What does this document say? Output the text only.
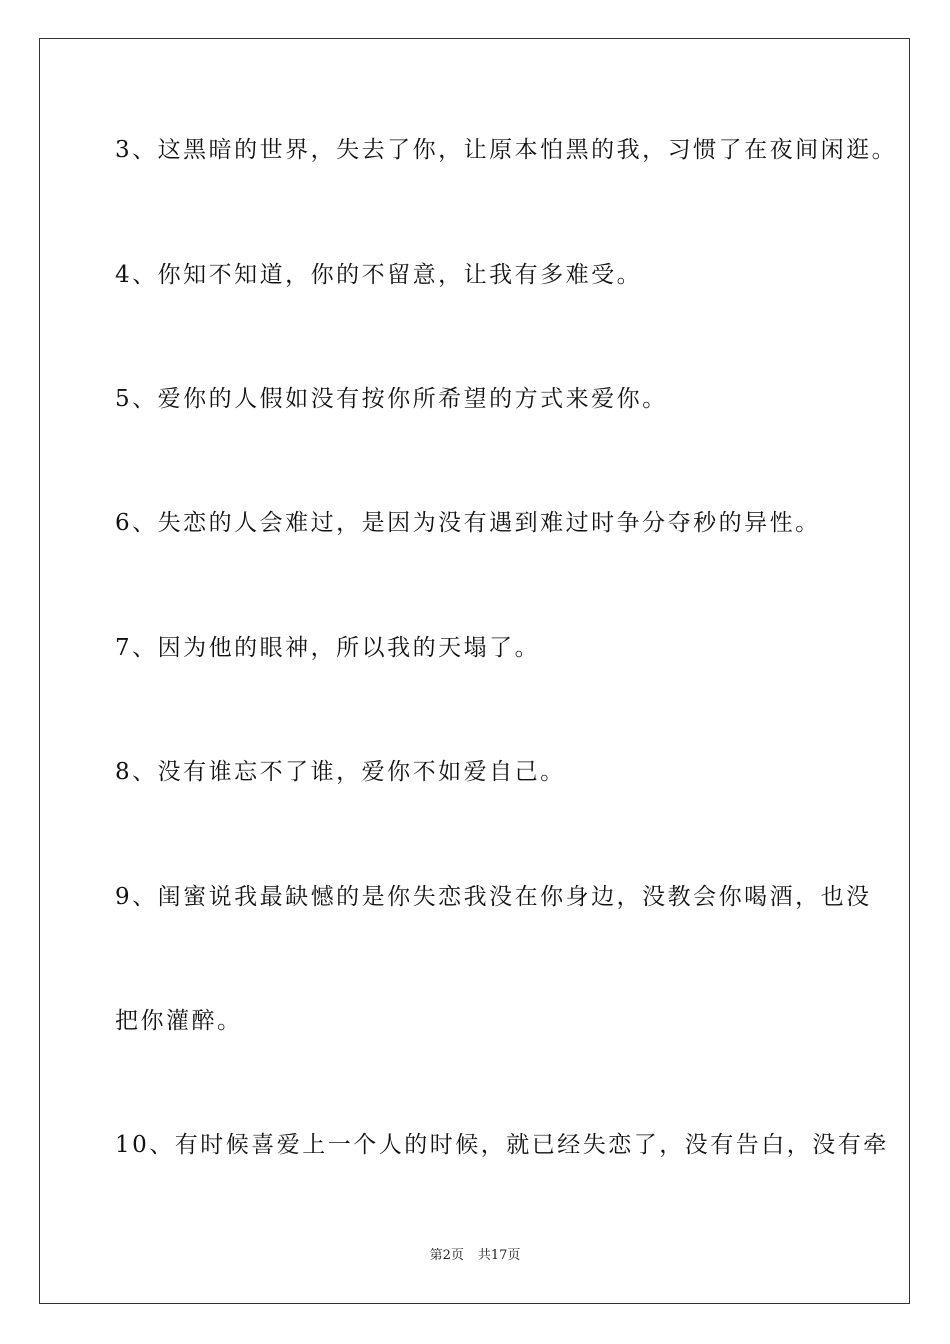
3、这黑暗的世界，失去了你，让原本怕黑的我，习惯了在夜间闲逛。
4、你知不知道，你的不留意，让我有多难受。
5、爱你的人假如没有按你所希望的方式来爱你。
6、失恋的人会难过，是因为没有遇到难过时争分夺秒的异性。
7、因为他的眼神，所以我的天塌了。
8、没有谁忘不了谁，爱你不如爱自己。
9、闺蜜说我最缺憾的是你失恋我没在你身边，没教会你喝酒，也没
把你灌醉。
10、有时候喜爱上一个人的时候，就已经失恋了，没有告白，没有牵
第2页 共17页
